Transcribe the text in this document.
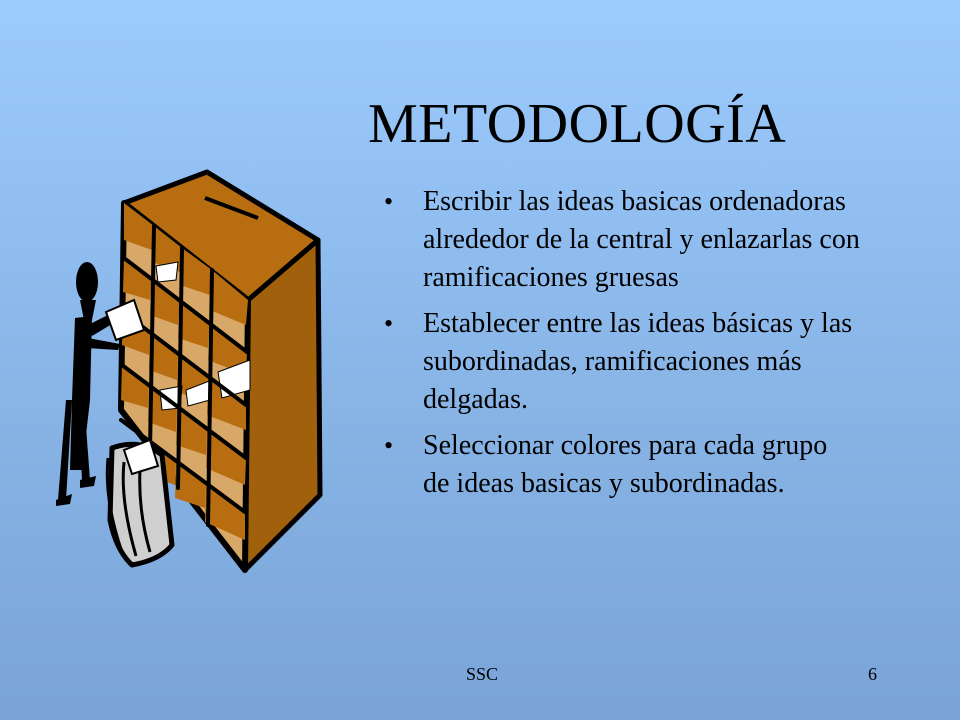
METODOLOGÍA
• Escribir las ideas basicas ordenadoras alrededor de la central y enlazarlas con ramificaciones gruesas
• Establecer entre las ideas básicas y las subordinadas, ramificaciones más delgadas.
• Seleccionar colores para cada grupo de ideas basicas y subordinadas.
SSC	6
